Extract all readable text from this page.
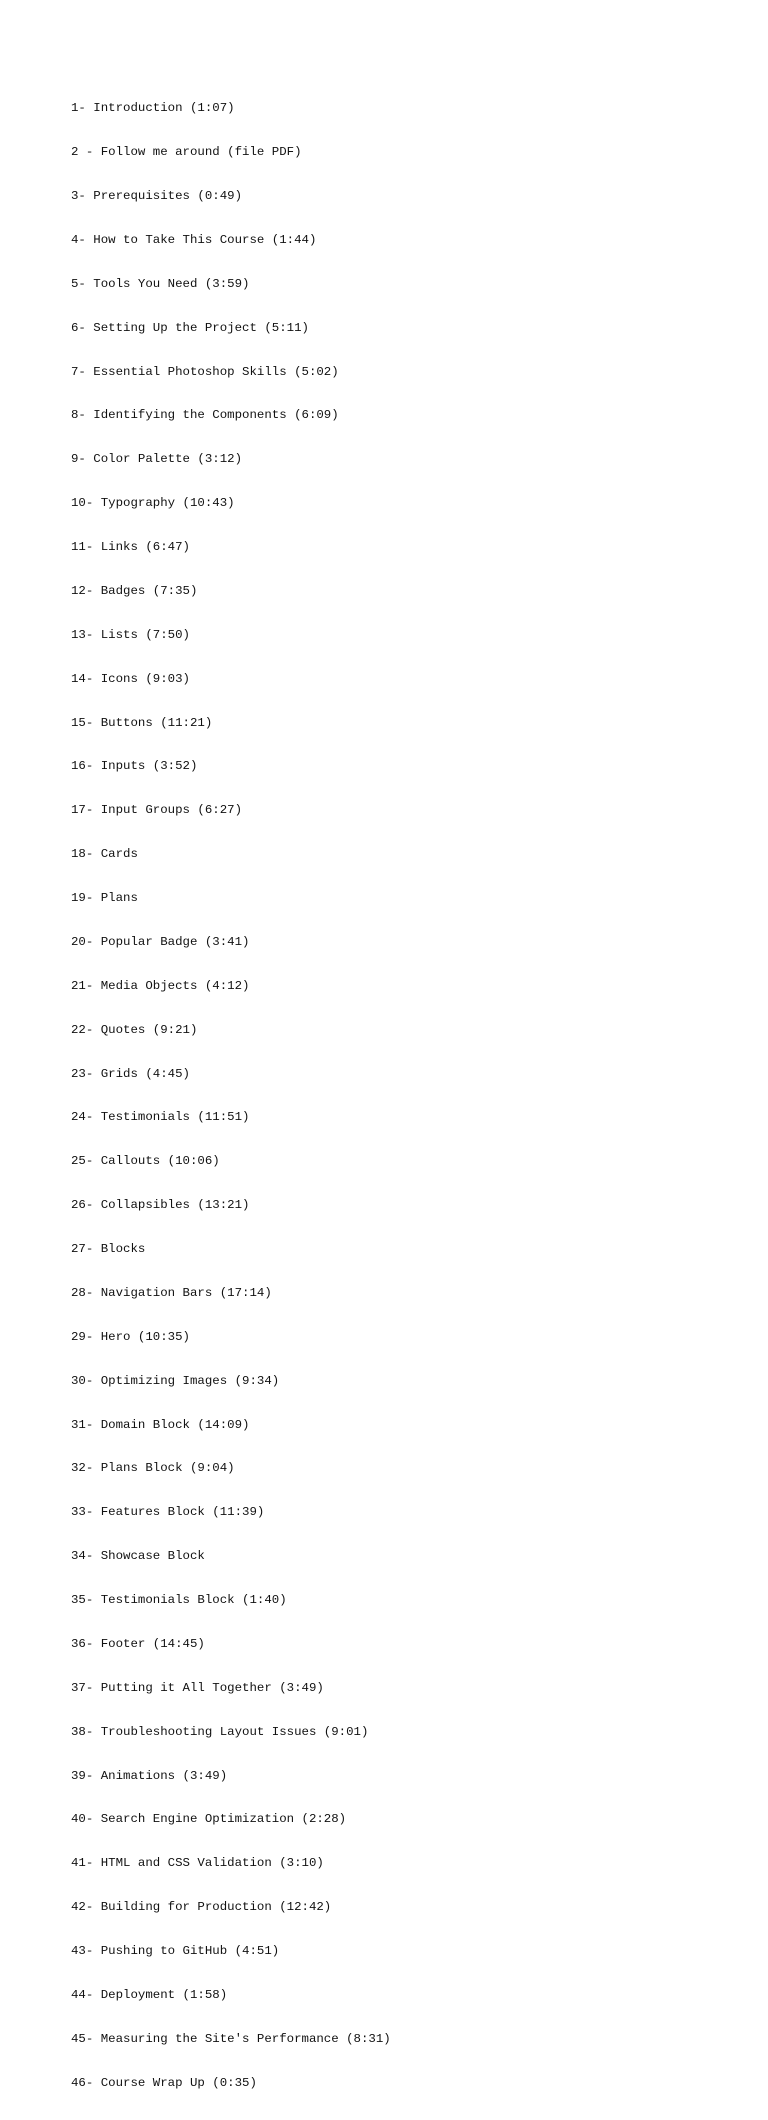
1- Introduction (1:07)

2 - Follow me around (file PDF)

3- Prerequisites (0:49)

4- How to Take This Course (1:44)

5- Tools You Need (3:59)

6- Setting Up the Project (5:11)

7- Essential Photoshop Skills (5:02)

8- Identifying the Components (6:09)

9- Color Palette (3:12)

10- Typography (10:43)

11- Links (6:47)

12- Badges (7:35)

13- Lists (7:50)

14- Icons (9:03)

15- Buttons (11:21)

16- Inputs (3:52)

17- Input Groups (6:27)

18- Cards

19- Plans

20- Popular Badge (3:41)

21- Media Objects (4:12)

22- Quotes (9:21)

23- Grids (4:45)

24- Testimonials (11:51)

25- Callouts (10:06)

26- Collapsibles (13:21)

27- Blocks

28- Navigation Bars (17:14)

29- Hero (10:35)

30- Optimizing Images (9:34)

31- Domain Block (14:09)

32- Plans Block (9:04)

33- Features Block (11:39)

34- Showcase Block

35- Testimonials Block (1:40)

36- Footer (14:45)

37- Putting it All Together (3:49)

38- Troubleshooting Layout Issues (9:01)

39- Animations (3:49)

40- Search Engine Optimization (2:28)

41- HTML and CSS Validation (3:10)

42- Building for Production (12:42)

43- Pushing to GitHub (4:51)

44- Deployment (1:58)

45- Measuring the Site's Performance (8:31)

46- Course Wrap Up (0:35)
